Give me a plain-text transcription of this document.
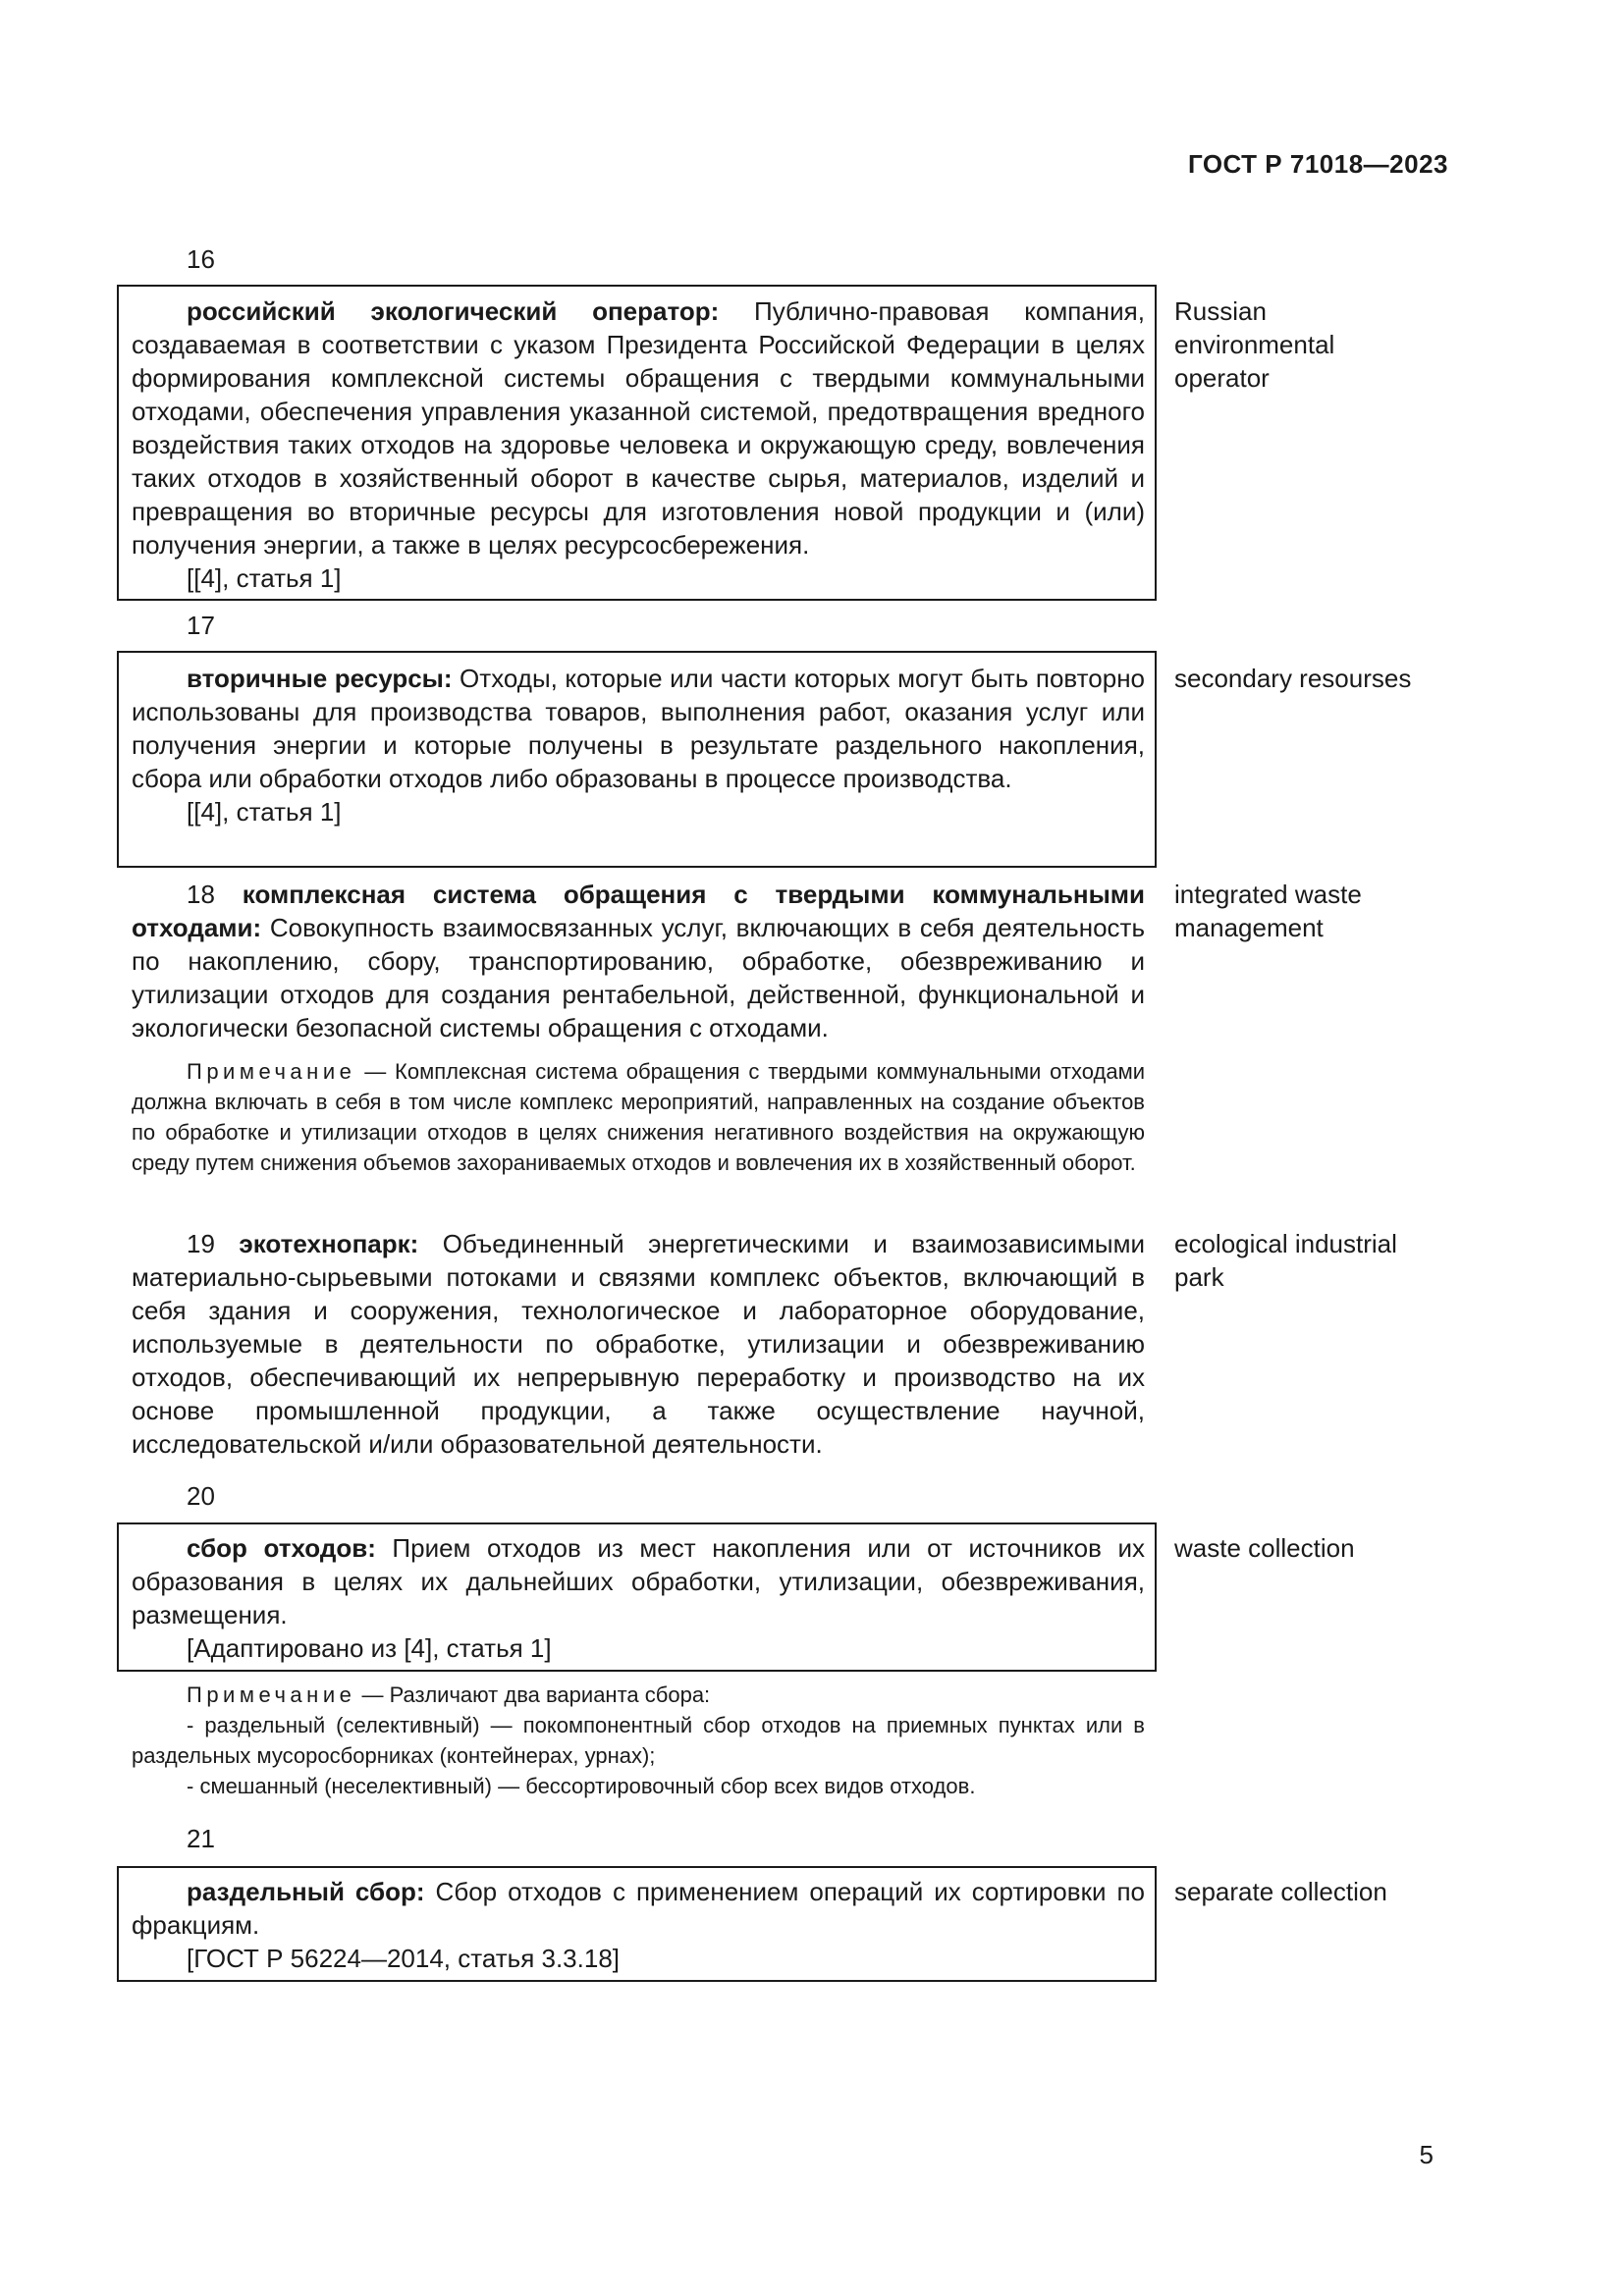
ГОСТ Р 71018—2023
16

российский экологический оператор: Публично-правовая компания, создаваемая в соответствии с указом Президента Российской Федерации в целях формирования комплексной системы обращения с твердыми коммунальными отходами, обеспечения управления указанной системой, предотвращения вредного воздействия таких отходов на здоровье человека и окружающую среду, вовлечения таких отходов в хозяйственный оборот в качестве сырья, материалов, изделий и превращения во вторичные ресурсы для изготовления новой продукции и (или) получения энергии, а также в целях ресурсосбережения.
[[4], статья 1]

Russian environmental operator

17

вторичные ресурсы: Отходы, которые или части которых могут быть повторно использованы для производства товаров, выполнения работ, оказания услуг или получения энергии и которые получены в результате раздельного накопления, сбора или обработки отходов либо образованы в процессе производства.
[[4], статья 1]

secondary resourses

18 комплексная система обращения с твердыми коммунальными отходами: Совокупность взаимосвязанных услуг, включающих в себя деятельность по накоплению, сбору, транспортированию, обработке, обезвреживанию и утилизации отходов для создания рентабельной, действенной, функциональной и экологически безопасной системы обращения с отходами.

integrated waste management

Примечание — Комплексная система обращения с твердыми коммунальными отходами должна включать в себя в том числе комплекс мероприятий, направленных на создание объектов по обработке и утилизации отходов в целях снижения негативного воздействия на окружающую среду путем снижения объемов захораниваемых отходов и вовлечения их в хозяйственный оборот.

19 экотехнопарк: Объединенный энергетическими и взаимозависимыми материально-сырьевыми потоками и связями комплекс объектов, включающий в себя здания и сооружения, технологическое и лабораторное оборудование, используемые в деятельности по обработке, утилизации и обезвреживанию отходов, обеспечивающий их непрерывную переработку и производство на их основе промышленной продукции, а также осуществление научной, исследовательской и/или образовательной деятельности.

ecological industrial park

20

сбор отходов: Прием отходов из мест накопления или от источников их образования в целях их дальнейших обработки, утилизации, обезвреживания, размещения.
[Адаптировано из [4], статья 1]

waste collection

Примечание — Различают два варианта сбора:
- раздельный (селективный) — покомпонентный сбор отходов на приемных пунктах или в раздельных мусоросборниках (контейнерах, урнах);
- смешанный (неселективный) — бессортировочный сбор всех видов отходов.

21

раздельный сбор: Сбор отходов с применением операций их сортировки по фракциям.
[ГОСТ Р 56224—2014, статья 3.3.18]

separate collection

5
